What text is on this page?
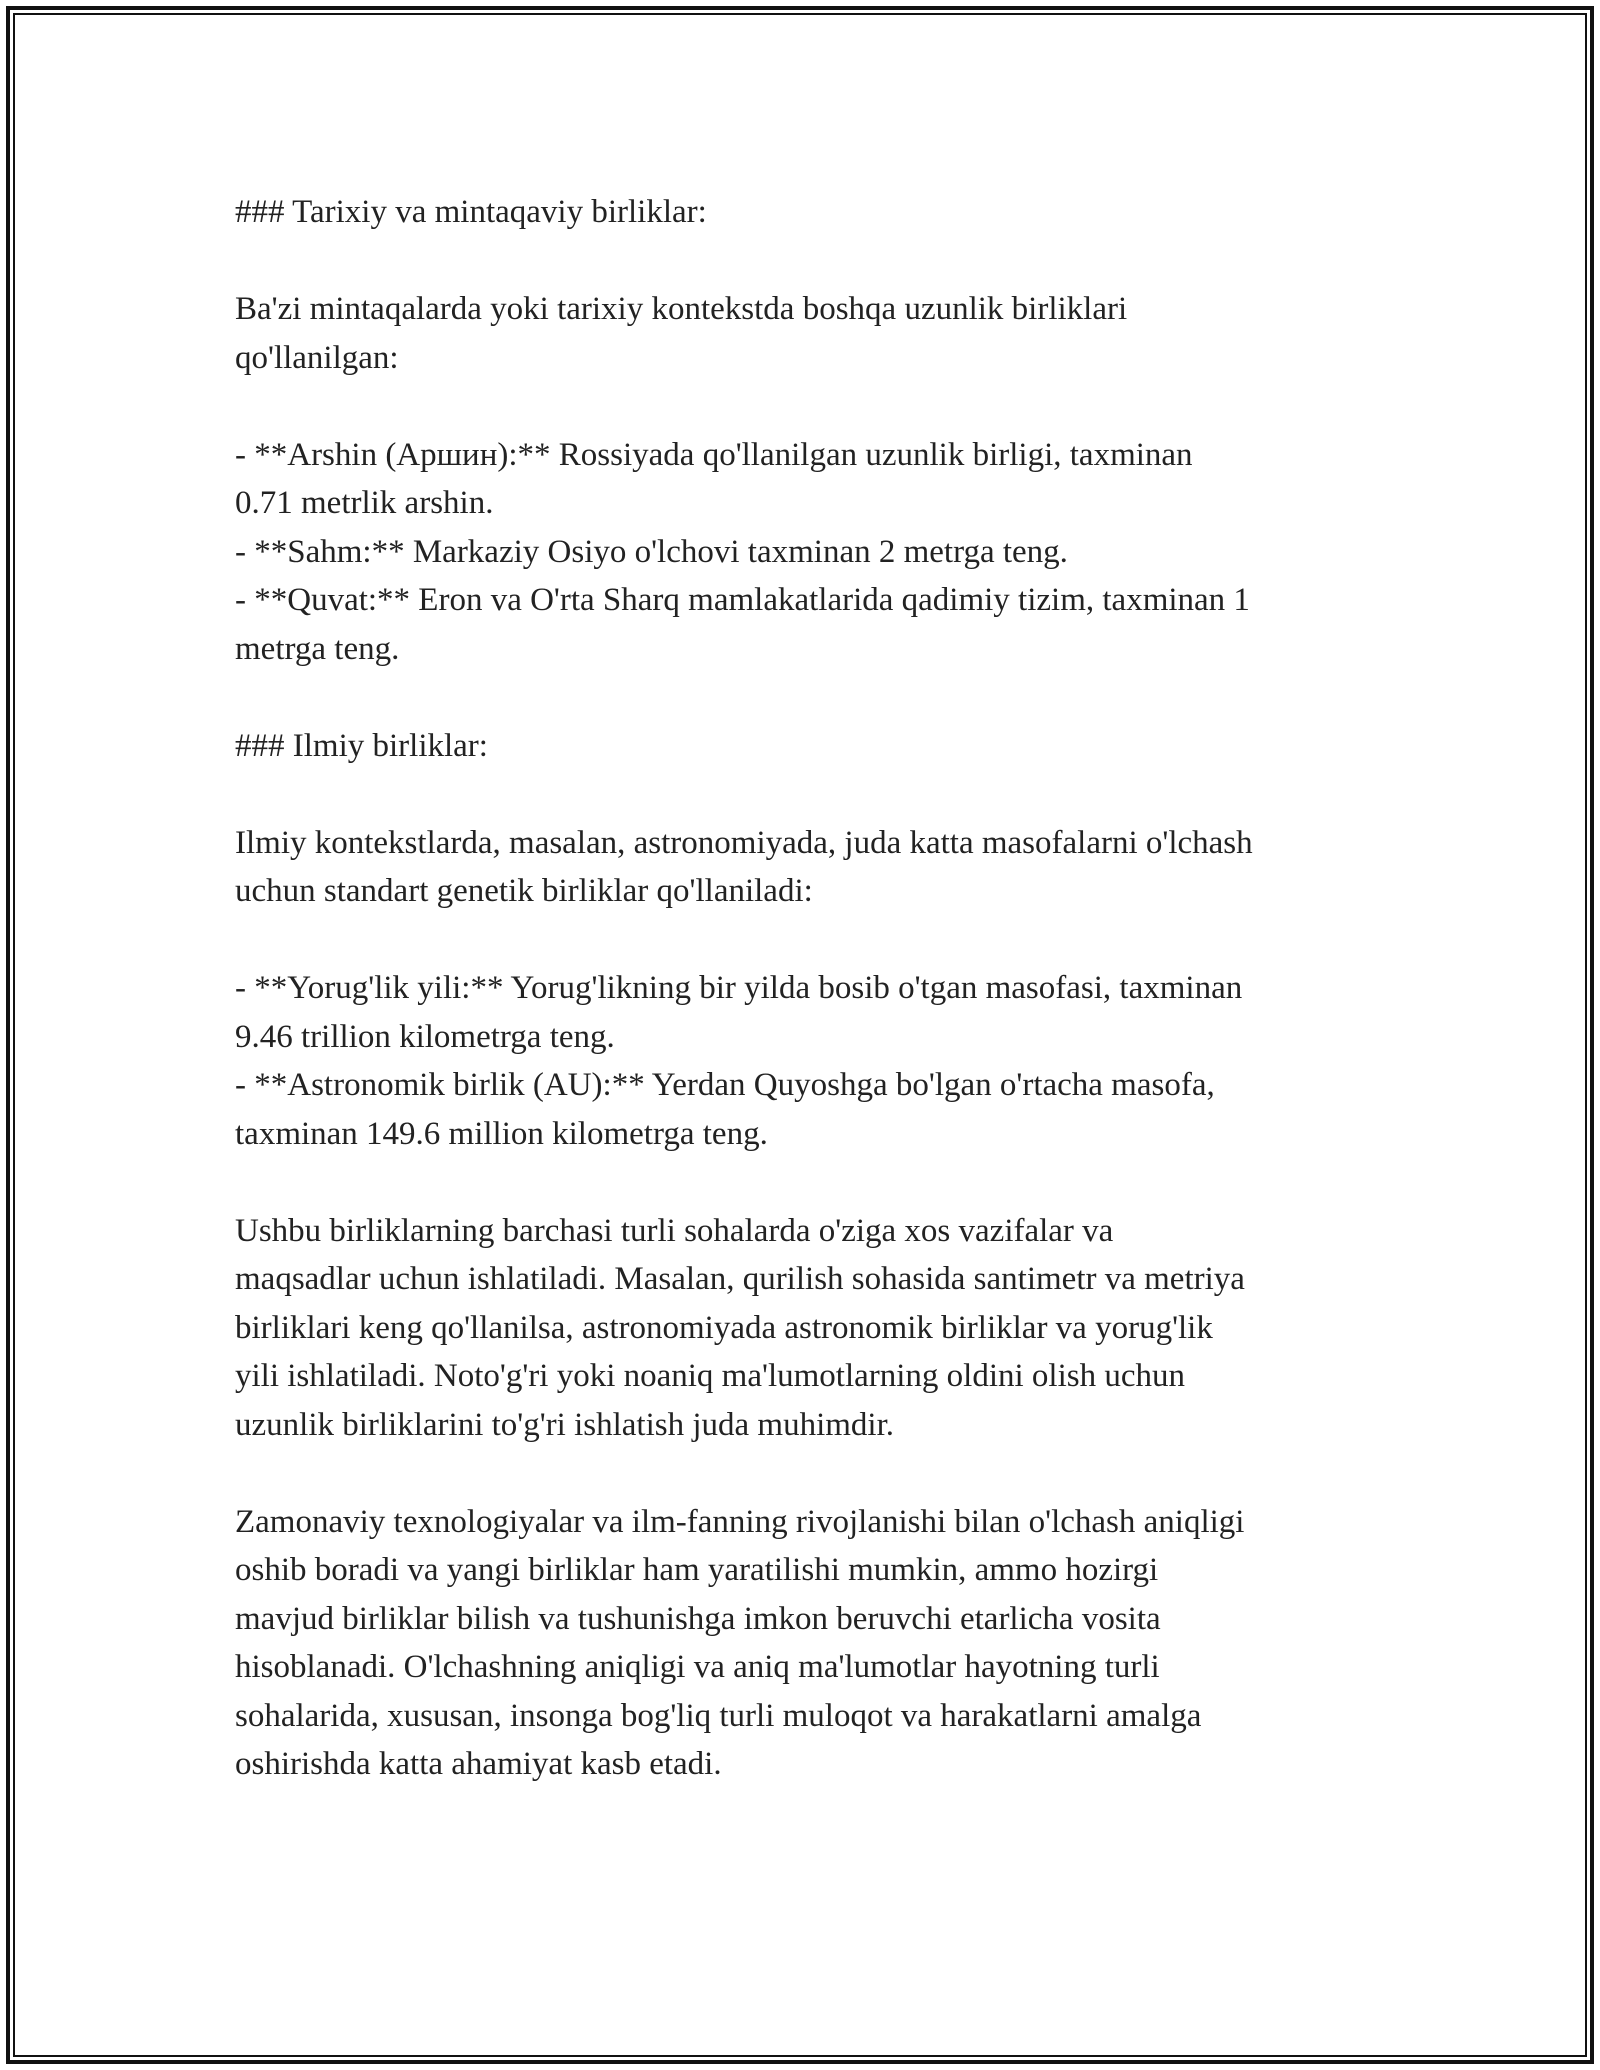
### Tarixiy va mintaqaviy birliklar:
Ba'zi mintaqalarda yoki tarixiy kontekstda boshqa uzunlik birliklari
qo'llanilgan:
- **Arshin (Аршин):** Rossiyada qo'llanilgan uzunlik birligi, taxminan
0.71 metrlik arshin.
- **Sahm:** Markaziy Osiyo o'lchovi taxminan 2 metrga teng.
- **Quvat:** Eron va O'rta Sharq mamlakatlarida qadimiy tizim, taxminan 1
metrga teng.
### Ilmiy birliklar:
Ilmiy kontekstlarda, masalan, astronomiyada, juda katta masofalarni o'lchash
uchun standart genetik birliklar qo'llaniladi:
- **Yorug'lik yili:** Yorug'likning bir yilda bosib o'tgan masofasi, taxminan
9.46 trillion kilometrga teng.
- **Astronomik birlik (AU):** Yerdan Quyoshga bo'lgan o'rtacha masofa,
taxminan 149.6 million kilometrga teng.
Ushbu birliklarning barchasi turli sohalarda o'ziga xos vazifalar va
maqsadlar uchun ishlatiladi. Masalan, qurilish sohasida santimetr va metriya
birliklari keng qo'llanilsa, astronomiyada astronomik birliklar va yorug'lik
yili ishlatiladi. Noto'g'ri yoki noaniq ma'lumotlarning oldini olish uchun
uzunlik birliklarini to'g'ri ishlatish juda muhimdir.
Zamonaviy texnologiyalar va ilm-fanning rivojlanishi bilan o'lchash aniqligi
oshib boradi va yangi birliklar ham yaratilishi mumkin, ammo hozirgi
mavjud birliklar bilish va tushunishga imkon beruvchi etarlicha vosita
hisoblanadi. O'lchashning aniqligi va aniq ma'lumotlar hayotning turli
sohalarida, xususan, insonga bog'liq turli muloqot va harakatlarni amalga
oshirishda katta ahamiyat kasb etadi.
